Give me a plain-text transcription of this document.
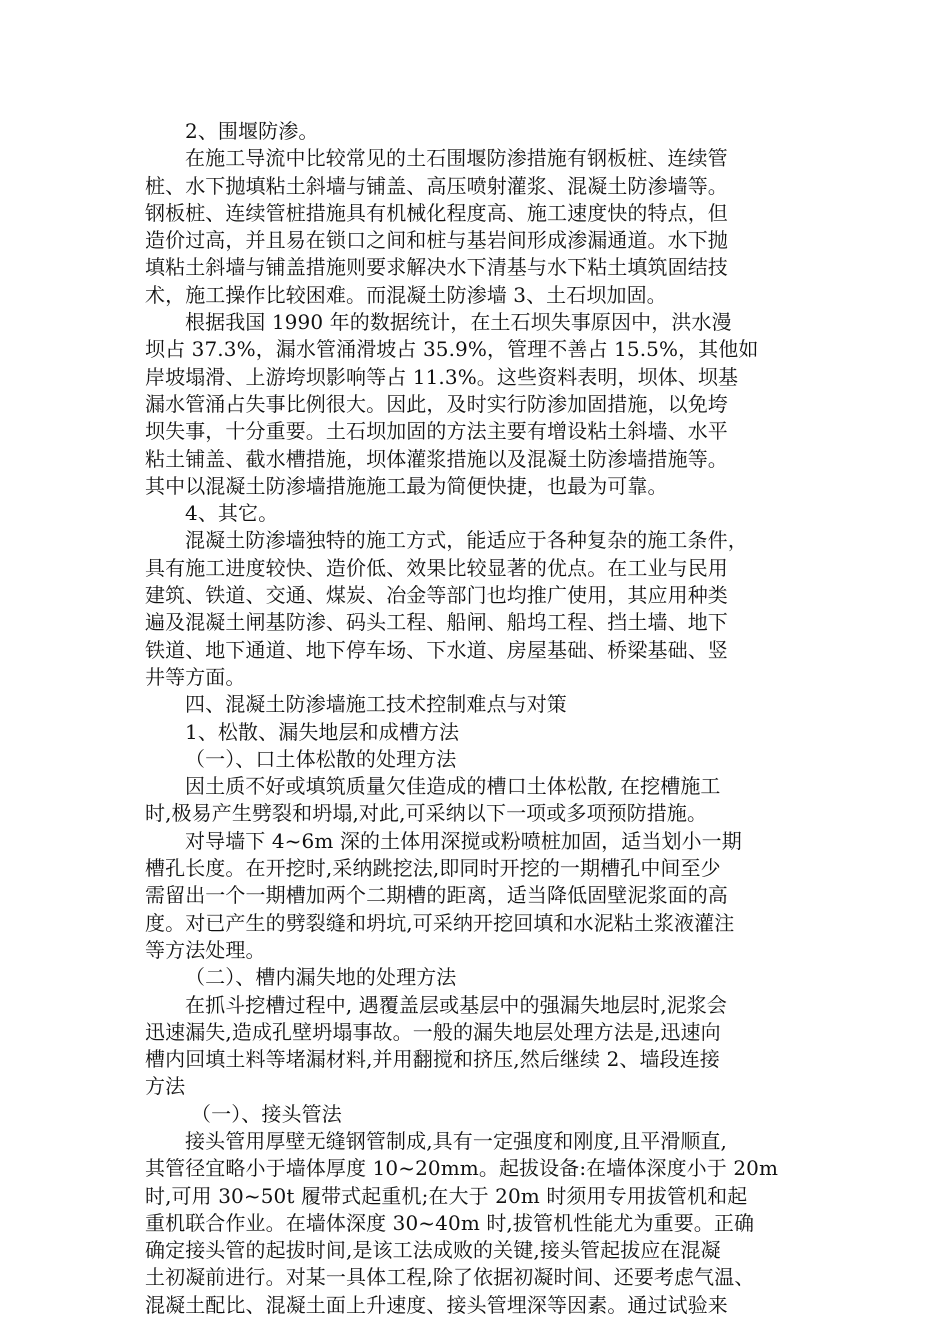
2、围堰防渗。
在施工导流中比较常见的土石围堰防渗措施有钢板桩、连续管
桩、水下抛填粘土斜墙与铺盖、高压喷射灌浆、混凝土防渗墙等。
钢板桩、连续管桩措施具有机械化程度高、施工速度快的特点，但
造价过高，并且易在锁口之间和桩与基岩间形成渗漏通道。水下抛
填粘土斜墙与铺盖措施则要求解决水下清基与水下粘土填筑固结技
术，施工操作比较困难。而混凝土防渗墙 3、土石坝加固。
根据我国 1990 年的数据统计，在土石坝失事原因中，洪水漫
坝占 37.3%，漏水管涌滑坡占 35.9%，管理不善占 15.5%，其他如
岸坡塌滑、上游垮坝影响等占 11.3%。这些资料表明，坝体、坝基
漏水管涌占失事比例很大。因此，及时实行防渗加固措施，以免垮
坝失事，十分重要。土石坝加固的方法主要有增设粘土斜墙、水平
粘土铺盖、截水槽措施，坝体灌浆措施以及混凝土防渗墙措施等。
其中以混凝土防渗墙措施施工最为简便快捷，也最为可靠。
4、其它。
混凝土防渗墙独特的施工方式，能适应于各种复杂的施工条件，
具有施工进度较快、造价低、效果比较显著的优点。在工业与民用
建筑、铁道、交通、煤炭、冶金等部门也均推广使用，其应用种类
遍及混凝土闸基防渗、码头工程、船闸、船坞工程、挡土墙、地下
铁道、地下通道、地下停车场、下水道、房屋基础、桥梁基础、竖
井等方面。
四、混凝土防渗墙施工技术控制难点与对策
1、松散、漏失地层和成槽方法
（一）、口土体松散的处理方法
因土质不好或填筑质量欠佳造成的槽口土体松散, 在挖槽施工
时,极易产生劈裂和坍塌,对此,可采纳以下一项或多项预防措施。
对导墙下 4~6m 深的土体用深搅或粉喷桩加固，适当划小一期
槽孔长度。在开挖时,采纳跳挖法,即同时开挖的一期槽孔中间至少
需留出一个一期槽加两个二期槽的距离，适当降低固壁泥浆面的高
度。对已产生的劈裂缝和坍坑,可采纳开挖回填和水泥粘土浆液灌注
等方法处理。
（二）、槽内漏失地的处理方法
在抓斗挖槽过程中, 遇覆盖层或基层中的强漏失地层时,泥浆会
迅速漏失,造成孔壁坍塌事故。一般的漏失地层处理方法是,迅速向
槽内回填土料等堵漏材料,并用翻搅和挤压,然后继续 2、墙段连接
方法
（一）、接头管法
接头管用厚壁无缝钢管制成,具有一定强度和刚度,且平滑顺直,
其管径宜略小于墙体厚度 10~20mm。起拔设备:在墙体深度小于 20m
时,可用 30~50t 履带式起重机;在大于 20m 时须用专用拔管机和起
重机联合作业。在墙体深度 30~40m 时,拔管机性能尤为重要。正确
确定接头管的起拔时间,是该工法成败的关键,接头管起拔应在混凝
土初凝前进行。对某一具体工程,除了依据初凝时间、还要考虑气温、
混凝土配比、混凝土面上升速度、接头管埋深等因素。通过试验来
